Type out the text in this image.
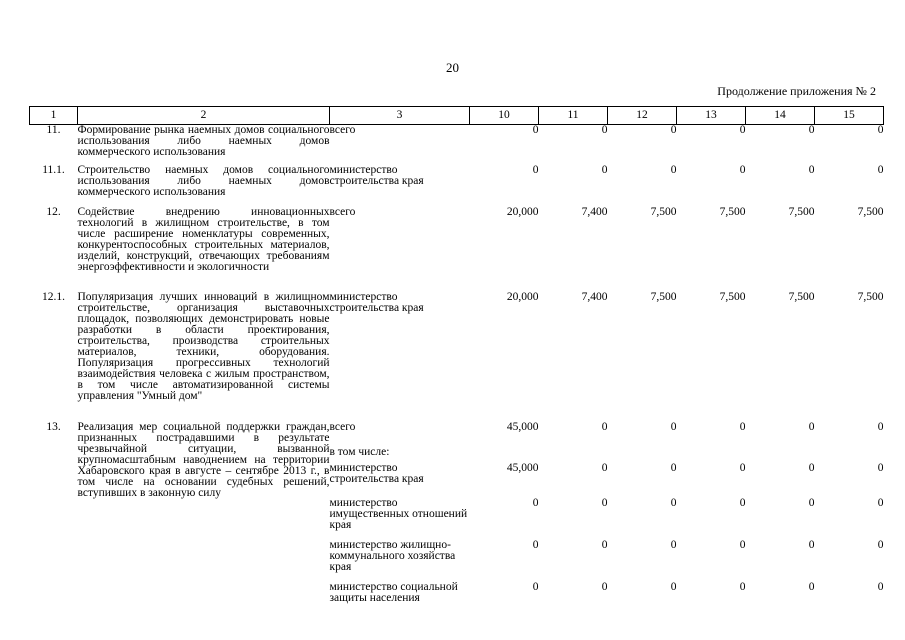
20
Продолжение приложения № 2
1	2	3	10	11	12	13	14	15
11.	Формирование рынка наемных домов социального использования либо наемных домов коммерческого использования	всего	0	0	0	0	0	0
11.1.	Строительство наемных домов социального использования либо наемных домов коммерческого использования	министерство строительства края	0	0	0	0	0	0
12.	Содействие внедрению инновационных технологий в жилищном строительстве, в том числе расширение номенклатуры современных, конкурентоспособных строительных материалов, изделий, конструкций, отвечающих требованиям энергоэффективности и экологичности	всего	20,000	7,400	7,500	7,500	7,500	7,500
12.1.	Популяризация лучших инноваций в жилищном строительстве, организация выставочных площадок, позволяющих демонстрировать новые разработки в области проектирования, строительства, производства строительных материалов, техники, оборудования. Популяризация прогрессивных технологий взаимодействия человека с жилым пространством, в том числе автоматизированной системы управления "Умный дом"	министерство строительства края	20,000	7,400	7,500	7,500	7,500	7,500
13.	Реализация мер социальной поддержки граждан, признанных пострадавшими в результате чрезвычайной ситуации, вызванной крупномасштабным наводнением на территории Хабаровского края в августе – сентябре 2013 г., в том числе на основании судебных решений, вступивших в законную силу	всего	45,000	0	0	0	0	0
		в том числе:						
		министерство строительства края	45,000	0	0	0	0	0
		министерство имущественных отношений края	0	0	0	0	0	0
		министерство жилищно-коммунального хозяйства края	0	0	0	0	0	0
		министерство социальной защиты населения	0	0	0	0	0	0
